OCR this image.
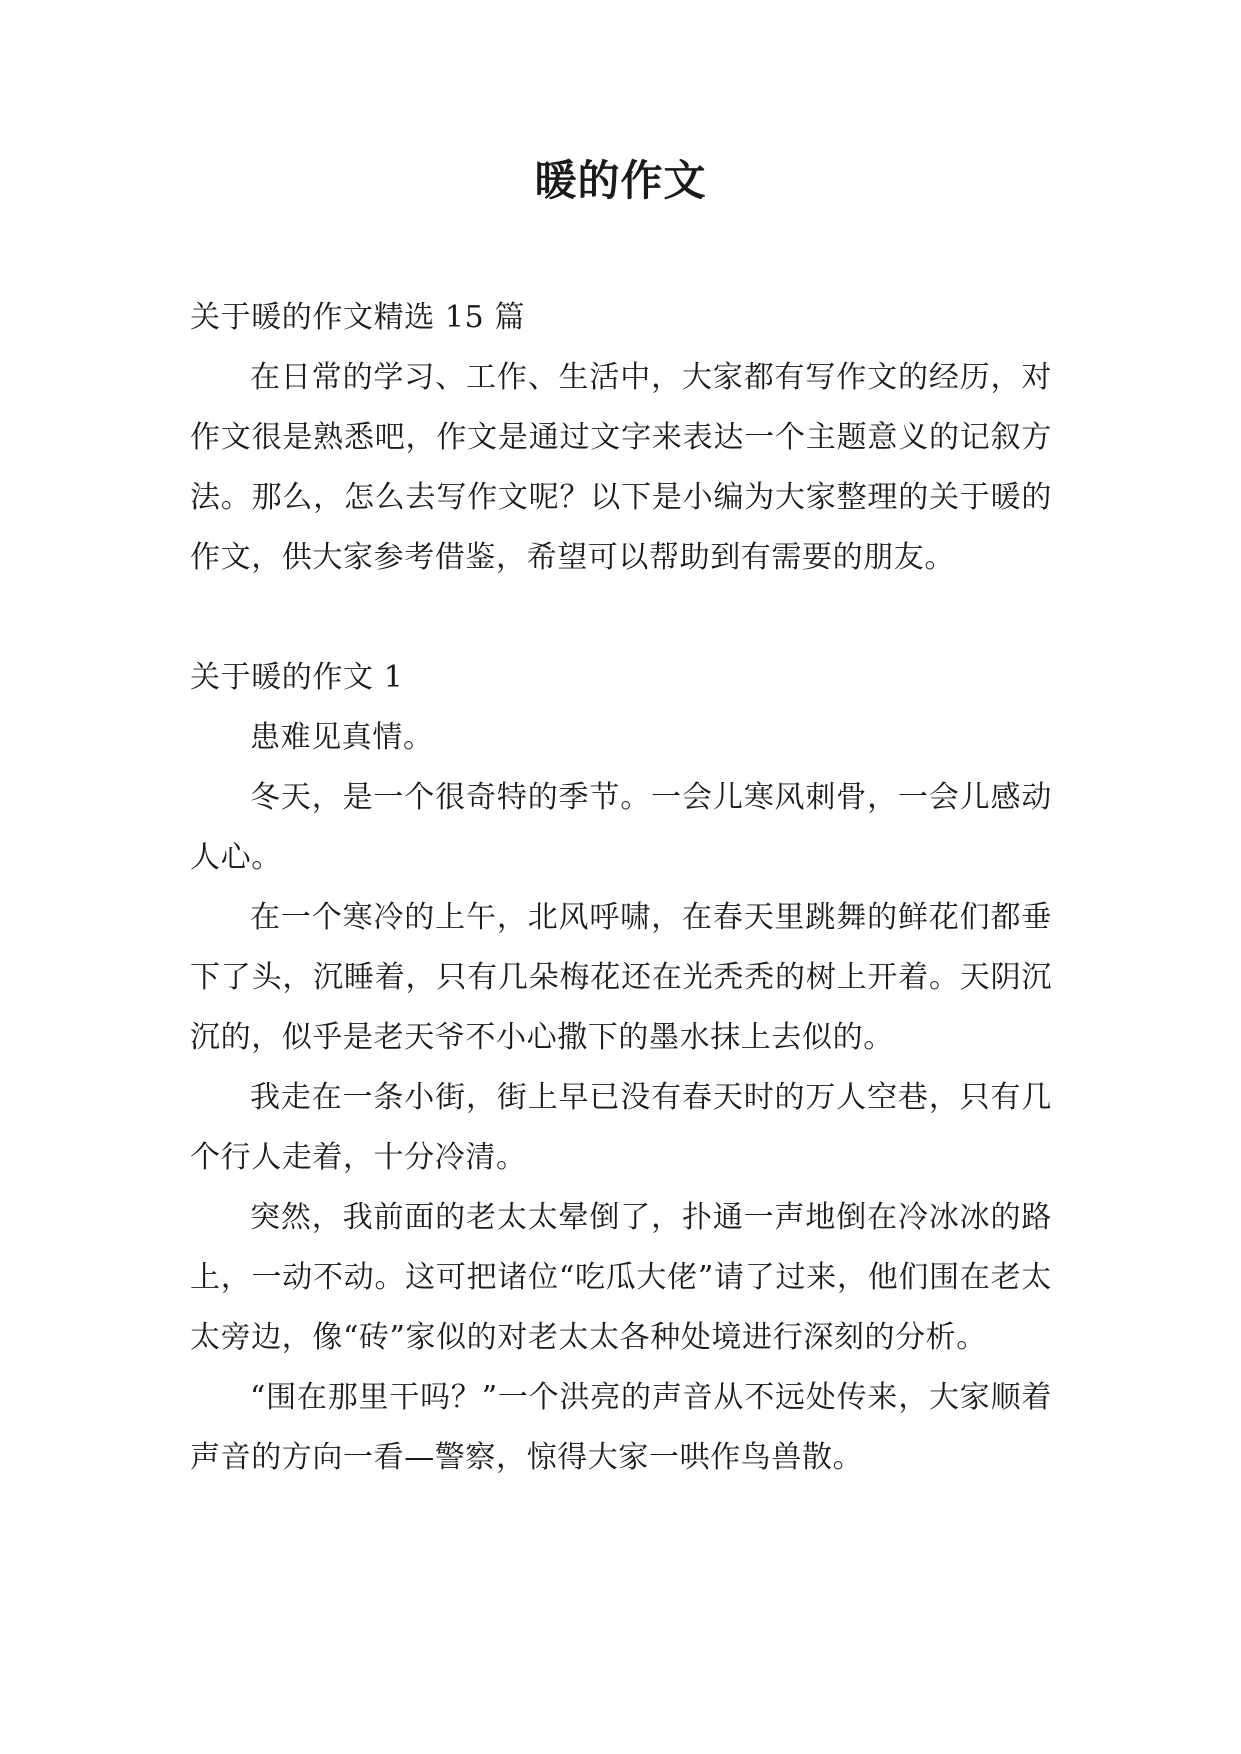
暖的作文

关于暖的作文精选 15 篇

在日常的学习、工作、生活中，大家都有写作文的经历，对作文很是熟悉吧，作文是通过文字来表达一个主题意义的记叙方法。那么，怎么去写作文呢？以下是小编为大家整理的关于暖的作文，供大家参考借鉴，希望可以帮助到有需要的朋友。

关于暖的作文 1

患难见真情。

冬天，是一个很奇特的季节。一会儿寒风刺骨，一会儿感动人心。

在一个寒冷的上午，北风呼啸，在春天里跳舞的鲜花们都垂下了头，沉睡着，只有几朵梅花还在光秃秃的树上开着。天阴沉沉的，似乎是老天爷不小心撒下的墨水抹上去似的。

我走在一条小街，街上早已没有春天时的万人空巷，只有几个行人走着，十分冷清。

突然，我前面的老太太晕倒了，扑通一声地倒在冷冰冰的路上，一动不动。这可把诸位“吃瓜大佬”请了过来，他们围在老太太旁边，像“砖”家似的对老太太各种处境进行深刻的分析。

“围在那里干吗？”一个洪亮的声音从不远处传来，大家顺着声音的方向一看—警察，惊得大家一哄作鸟兽散。
